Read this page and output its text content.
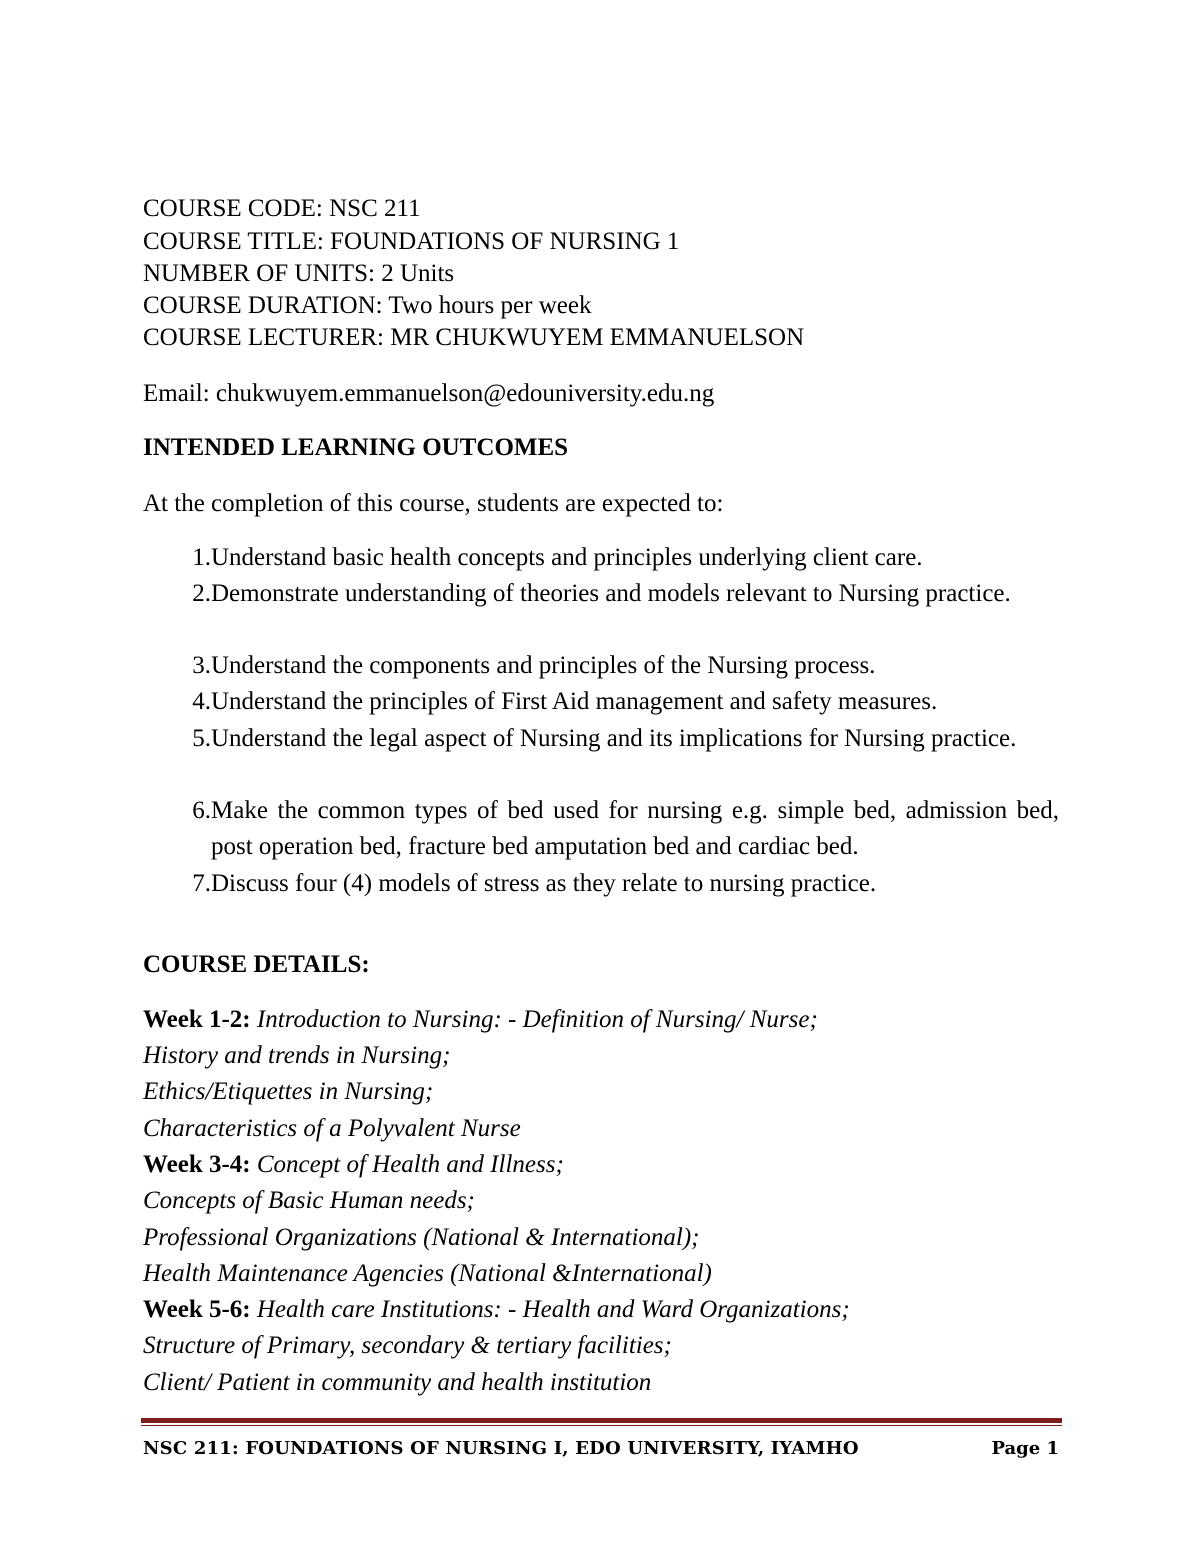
COURSE CODE: NSC 211
COURSE TITLE: FOUNDATIONS OF NURSING 1
NUMBER OF UNITS: 2 Units
COURSE DURATION: Two hours per week
COURSE LECTURER: MR CHUKWUYEM EMMANUELSON
Email: chukwuyem.emmanuelson@edouniversity.edu.ng
INTENDED LEARNING OUTCOMES
At the completion of this course, students are expected to:
1. Understand basic health concepts and principles underlying client care.
2. Demonstrate understanding of theories and models relevant to Nursing practice.
3. Understand the components and principles of the Nursing process.
4. Understand the principles of First Aid management and safety measures.
5. Understand the legal aspect of Nursing and its implications for Nursing practice.
6. Make the common types of bed used for nursing e.g. simple bed, admission bed, post operation bed, fracture bed amputation bed and cardiac bed.
7. Discuss four (4) models of stress as they relate to nursing practice.
COURSE DETAILS:
Week 1-2: Introduction to Nursing: - Definition of Nursing/ Nurse;
History and trends in Nursing;
Ethics/Etiquettes in Nursing;
Characteristics of a Polyvalent Nurse
Week 3-4: Concept of Health and Illness;
Concepts of Basic Human needs;
Professional Organizations (National & International);
Health Maintenance Agencies (National &International)
Week 5-6: Health care Institutions: - Health and Ward Organizations;
Structure of Primary, secondary & tertiary facilities;
Client/ Patient in community and health institution
NSC 211: FOUNDATIONS OF NURSING I, EDO UNIVERSITY, IYAMHO	Page 1
